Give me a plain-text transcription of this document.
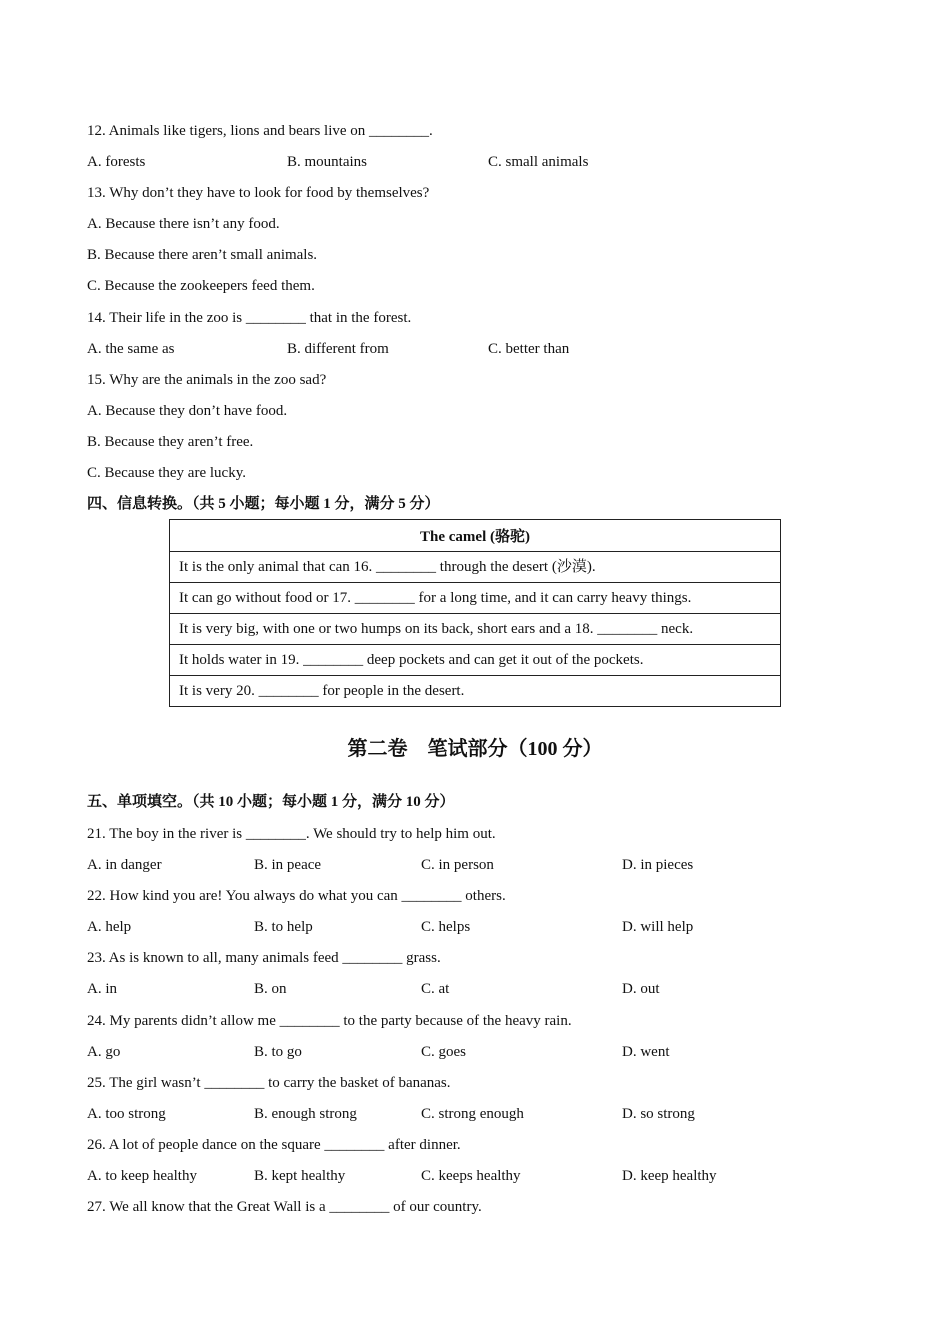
12. Animals like tigers, lions and bears live on ________.
A. forests	B. mountains	C. small animals
13. Why don’t they have to look for food by themselves?
A. Because there isn’t any food.
B. Because there aren’t small animals.
C. Because the zookeepers feed them.
14. Their life in the zoo is ________ that in the forest.
A. the same as	B. different from	C. better than
15. Why are the animals in the zoo sad?
A. Because they don’t have food.
B. Because they aren’t free.
C. Because they are lucky.
四、信息转换。（共 5 小题；每小题 1 分，满分 5 分）
The camel (骆驼)
It is the only animal that can 16. ________ through the desert (沙漠).
It can go without food or 17. ________ for a long time, and it can carry heavy things.
It is very big, with one or two humps on its back, short ears and a 18. ________ neck.
It holds water in 19. ________ deep pockets and can get it out of the pockets.
It is very 20. ________ for people in the desert.
第二卷　笔试部分（100 分）
五、单项填空。（共 10 小题；每小题 1 分，满分 10 分）
21. The boy in the river is ________. We should try to help him out.
A. in danger	B. in peace	C. in person	D. in pieces
22. How kind you are! You always do what you can ________ others.
A. help	B. to help	C. helps	D. will help
23. As is known to all, many animals feed ________ grass.
A. in	B. on	C. at	D. out
24. My parents didn’t allow me ________ to the party because of the heavy rain.
A. go	B. to go	C. goes	D. went
25. The girl wasn’t ________ to carry the basket of bananas.
A. too strong	B. enough strong	C. strong enough	D. so strong
26. A lot of people dance on the square ________ after dinner.
A. to keep healthy	B. kept healthy	C. keeps healthy	D. keep healthy
27. We all know that the Great Wall is a ________ of our country.
